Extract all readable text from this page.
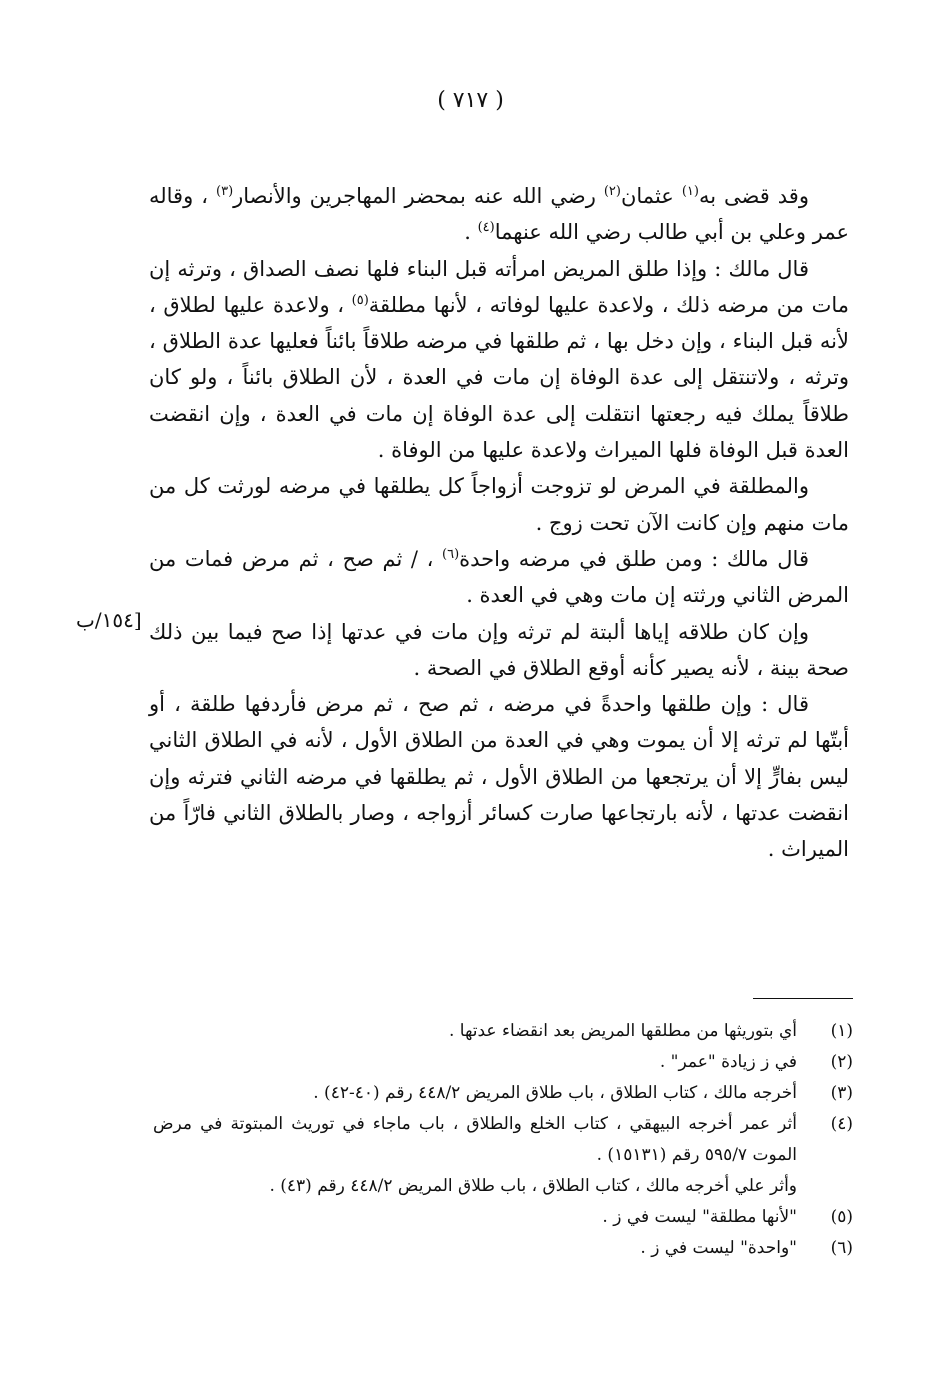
( ٧١٧ )

وقد قضى به$^{(١)}$ عثمان$^{(٢)}$ رضي الله عنه بمحضر المهاجرين والأنصار$^{(٣)}$ ، وقاله عمر وعلي بن أبي طالب رضي الله عنهما$^{(٤)}$ .

قال مالك : وإذا طلق المريض امرأته قبل البناء فلها نصف الصداق ، وترثه إن مات من مرضه ذلك ، ولاعدة عليها لوفاته ، لأنها مطلقة$^{(٥)}$ ، ولاعدة عليها لطلاق ، لأنه قبل البناء ، وإن دخل بها ، ثم طلقها في مرضه طلاقاً بائناً فعليها عدة الطلاق ، وترثه ، ولاتنتقل إلى عدة الوفاة إن مات في العدة ، لأن الطلاق بائناً ، ولو كان طلاقاً يملك فيه رجعتها انتقلت إلى عدة الوفاة إن مات في العدة ، وإن انقضت العدة قبل الوفاة فلها الميراث ولاعدة عليها من الوفاة .

والمطلقة في المرض لو تزوجت أزواجاً كل يطلقها في مرضه لورثت كل من مات منهم وإن كانت الآن تحت زوج .

قال مالك : ومن طلق في مرضه واحدة$^{(٦)}$ ، / ثم صح ، ثم مرض فمات من المرض الثاني ورثته إن مات وهي في العدة .

وإن كان طلاقه إياها ألبتة لم ترثه وإن مات في عدتها إذا صح فيما بين ذلك صحة بينة ، لأنه يصير كأنه أوقع الطلاق في الصحة .

قال : وإن طلقها واحدةً في مرضه ، ثم صح ، ثم مرض فأردفها طلقة ، أو أبتّها لم ترثه إلا أن يموت وهي في العدة من الطلاق الأول ، لأنه في الطلاق الثاني ليس بفارٍّ إلا أن يرتجعها من الطلاق الأول ، ثم يطلقها في مرضه الثاني فترثه وإن انقضت عدتها ، لأنه بارتجاعها صارت كسائر أزواجه ، وصار بالطلاق الثاني فارّاً من الميراث .

[١٥٤/ب
(١)
أي بتوريثها من مطلقها المريض بعد انقضاء عدتها .
(٢)
في ز زيادة "عمر" .
(٣)
أخرجه مالك ، كتاب الطلاق ، باب طلاق المريض ٤٤٨/٢ رقم (٤٠-٤٢) .
(٤)
أثر عمر أخرجه البيهقي ، كتاب الخلع والطلاق ، باب ماجاء في توريث المبتوتة في مرض الموت ٥٩٥/٧ رقم (١٥١٣١) .
وأثر علي أخرجه مالك ، كتاب الطلاق ، باب طلاق المريض ٤٤٨/٢ رقم (٤٣) .
(٥)
"لأنها مطلقة" ليست في ز .
(٦)
"واحدة" ليست في ز .
